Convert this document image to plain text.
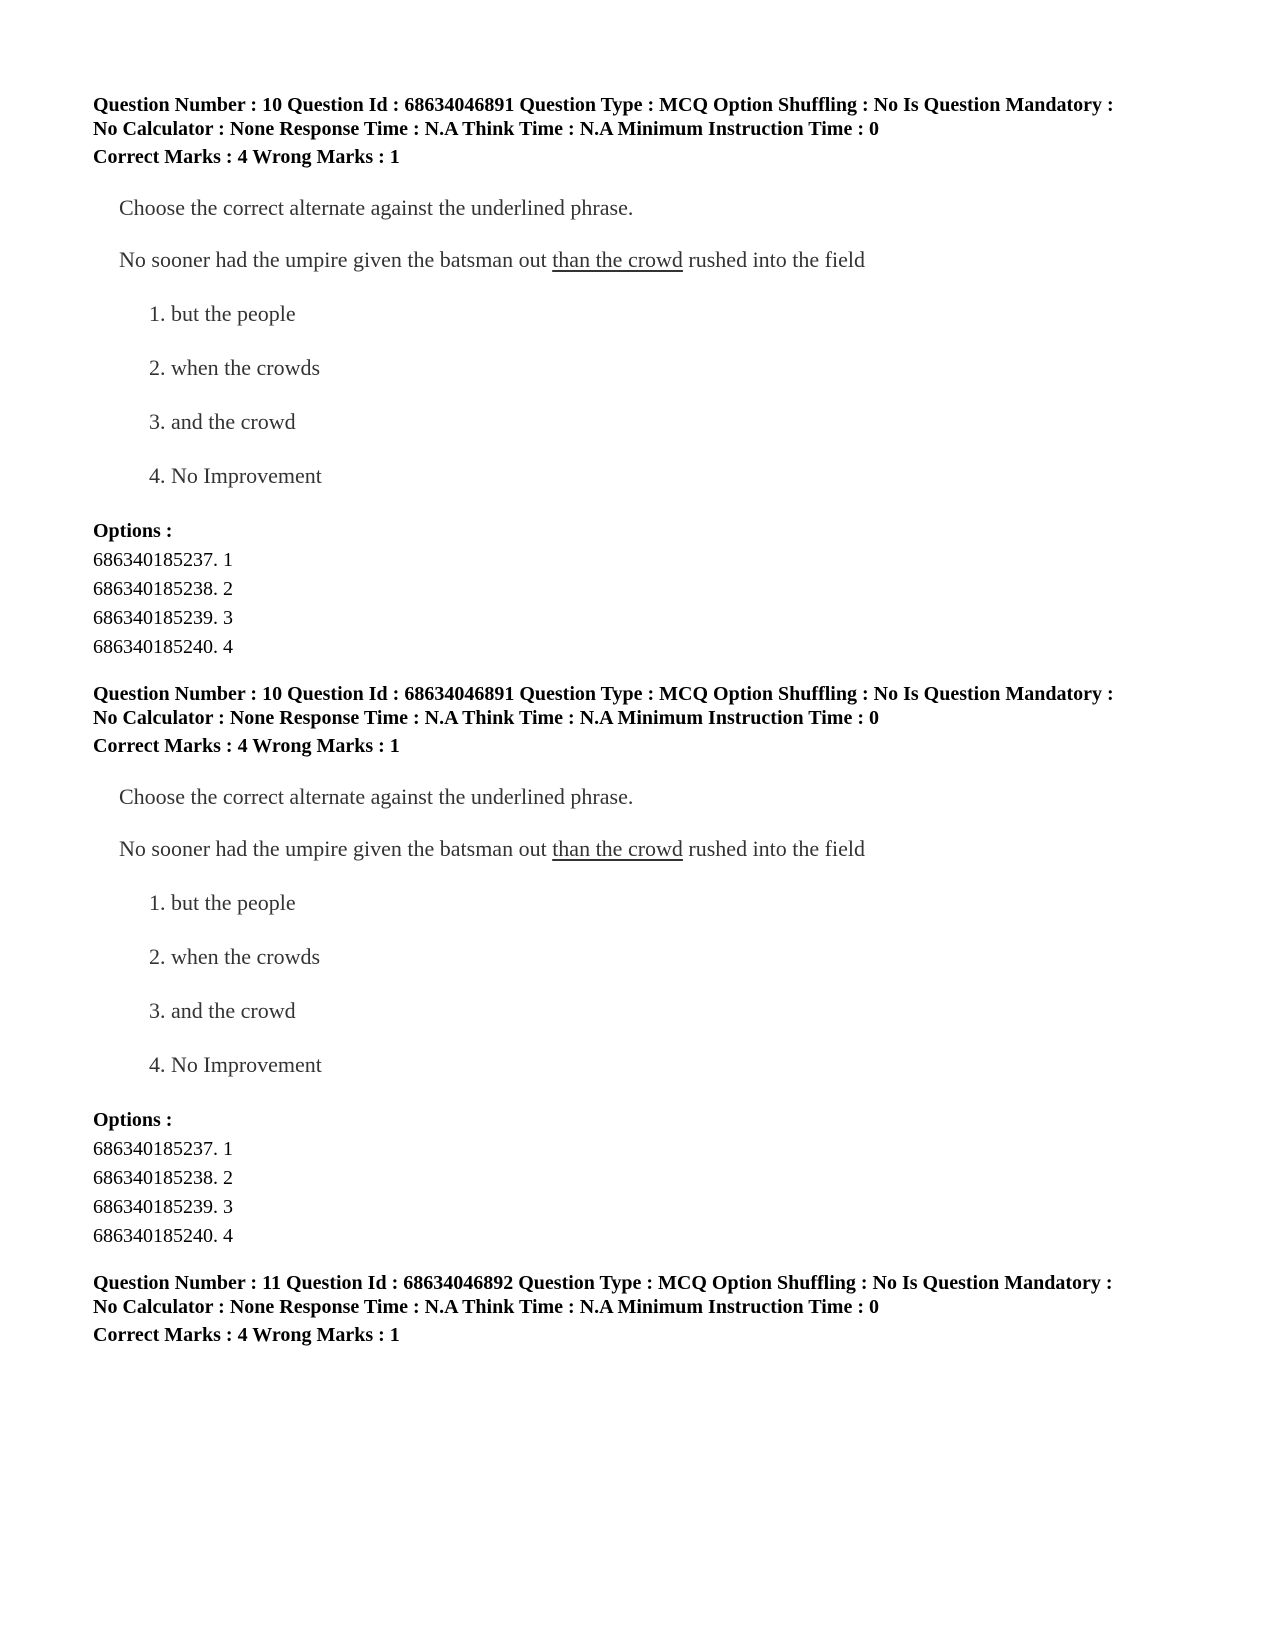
Question Number : 10 Question Id : 68634046891 Question Type : MCQ Option Shuffling : No Is Question Mandatory :
No Calculator : None Response Time : N.A Think Time : N.A Minimum Instruction Time : 0
Correct Marks : 4 Wrong Marks : 1
Choose the correct alternate against the underlined phrase.
No sooner had the umpire given the batsman out than the crowd rushed into the field
1. but the people
2. when the crowds
3. and the crowd
4. No Improvement
Options :
686340185237. 1
686340185238. 2
686340185239. 3
686340185240. 4
Question Number : 10 Question Id : 68634046891 Question Type : MCQ Option Shuffling : No Is Question Mandatory :
No Calculator : None Response Time : N.A Think Time : N.A Minimum Instruction Time : 0
Correct Marks : 4 Wrong Marks : 1
Choose the correct alternate against the underlined phrase.
No sooner had the umpire given the batsman out than the crowd rushed into the field
1. but the people
2. when the crowds
3. and the crowd
4. No Improvement
Options :
686340185237. 1
686340185238. 2
686340185239. 3
686340185240. 4
Question Number : 11 Question Id : 68634046892 Question Type : MCQ Option Shuffling : No Is Question Mandatory :
No Calculator : None Response Time : N.A Think Time : N.A Minimum Instruction Time : 0
Correct Marks : 4 Wrong Marks : 1
